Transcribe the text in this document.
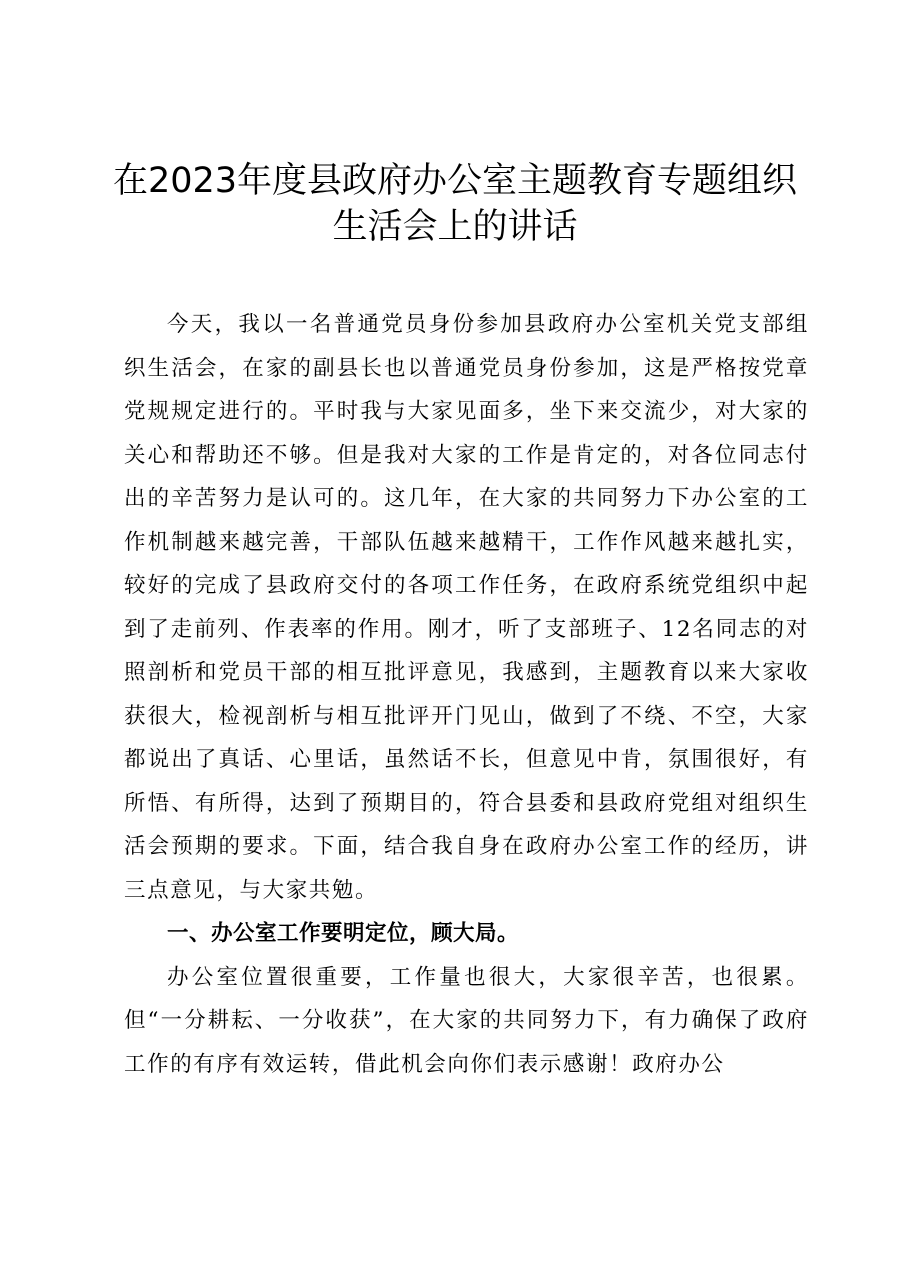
在2023年度县政府办公室主题教育专题组织生活会上的讲话

今天，我以一名普通党员身份参加县政府办公室机关党支部组织生活会，在家的副县长也以普通党员身份参加，这是严格按党章党规规定进行的。平时我与大家见面多，坐下来交流少，对大家的关心和帮助还不够。但是我对大家的工作是肯定的，对各位同志付出的辛苦努力是认可的。这几年，在大家的共同努力下办公室的工作机制越来越完善，干部队伍越来越精干，工作作风越来越扎实，较好的完成了县政府交付的各项工作任务，在政府系统党组织中起到了走前列、作表率的作用。刚才，听了支部班子、12名同志的对照剖析和党员干部的相互批评意见，我感到，主题教育以来大家收获很大，检视剖析与相互批评开门见山，做到了不绕、不空，大家都说出了真话、心里话，虽然话不长，但意见中肯，氛围很好，有所悟、有所得，达到了预期目的，符合县委和县政府党组对组织生活会预期的要求。下面，结合我自身在政府办公室工作的经历，讲三点意见，与大家共勉。

一、办公室工作要明定位，顾大局。

办公室位置很重要，工作量也很大，大家很辛苦，也很累。但“一分耕耘、一分收获”，在大家的共同努力下，有力确保了政府工作的有序有效运转，借此机会向你们表示感谢！政府办公
